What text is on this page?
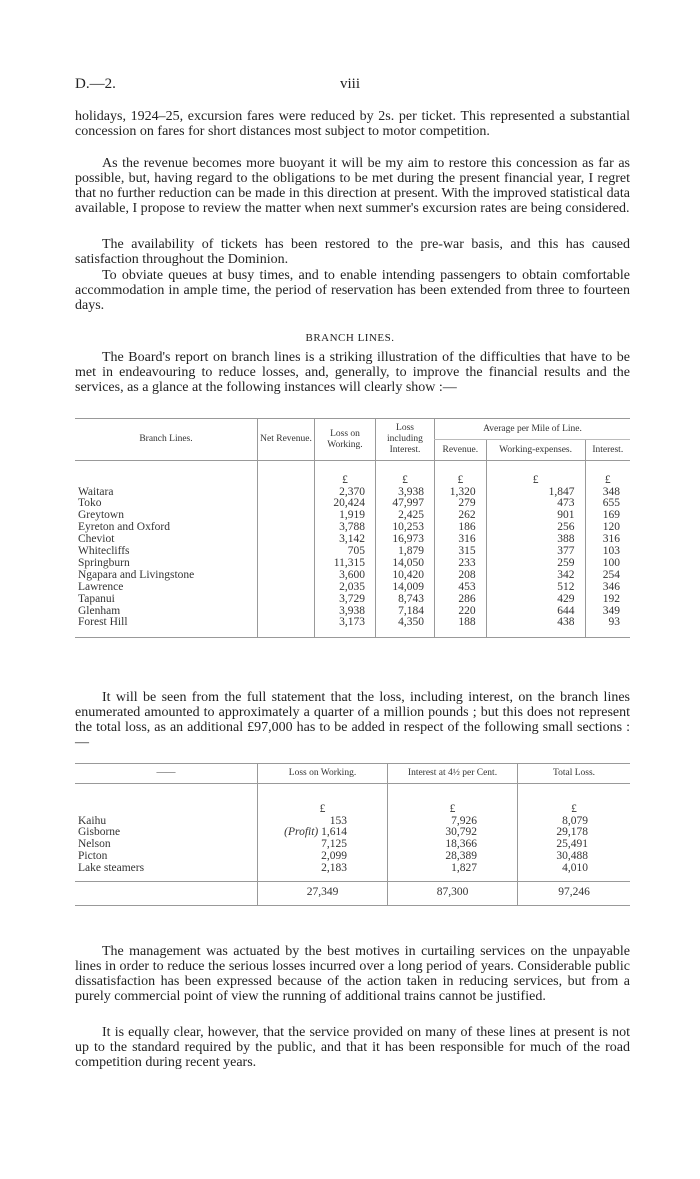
D.—2.	viii

holidays, 1924–25, excursion fares were reduced by 2s. per ticket. This represented a substantial concession on fares for short distances most subject to motor competition.

As the revenue becomes more buoyant it will be my aim to restore this concession as far as possible, but, having regard to the obligations to be met during the present financial year, I regret that no further reduction can be made in this direction at present. With the improved statistical data available, I propose to review the matter when next summer's excursion rates are being considered.

The availability of tickets has been restored to the pre-war basis, and this has caused satisfaction throughout the Dominion.

To obviate queues at busy times, and to enable intending passengers to obtain comfortable accommodation in ample time, the period of reservation has been extended from three to fourteen days.

BRANCH LINES.

The Board's report on branch lines is a striking illustration of the difficulties that have to be met in endeavouring to reduce losses, and, generally, to improve the financial results and the services, as a glance at the following instances will clearly show :—

Branch Lines.	Net Revenue.	Loss on Working.	Loss including Interest.	Average per Mile of Line.		
				Revenue.	Working-expenses.	Interest.
		£	£	£	£	£
Waitara		2,370	3,938	1,320	1,847	348
Toko		20,424	47,997	279	473	655
Greytown		1,919	2,425	262	901	169
Eyreton and Oxford		3,788	10,253	186	256	120
Cheviot		3,142	16,973	316	388	316
Whitecliffs		705	1,879	315	377	103
Springburn		11,315	14,050	233	259	100
Ngapara and Livingstone		3,600	10,420	208	342	254
Lawrence		2,035	14,009	453	512	346
Tapanui		3,729	8,743	286	429	192
Glenham		3,938	7,184	220	644	349
Forest Hill		3,173	4,350	188	438	93

It will be seen from the full statement that the loss, including interest, on the branch lines enumerated amounted to approximately a quarter of a million pounds ; but this does not represent the total loss, as an additional £97,000 has to be added in respect of the following small sections :—

——	Loss on Working.	Interest at 4½ per Cent.	Total Loss.
	£	£	£
Kaihu	153	7,926	8,079
Gisborne	(Profit) 1,614	30,792	29,178
Nelson	7,125	18,366	25,491
Picton	2,099	28,389	30,488
Lake steamers	2,183	1,827	4,010

	27,349	87,300	97,246

The management was actuated by the best motives in curtailing services on the unpayable lines in order to reduce the serious losses incurred over a long period of years. Considerable public dissatisfaction has been expressed because of the action taken in reducing services, but from a purely commercial point of view the running of additional trains cannot be justified.

It is equally clear, however, that the service provided on many of these lines at present is not up to the standard required by the public, and that it has been responsible for much of the road competition during recent years.
